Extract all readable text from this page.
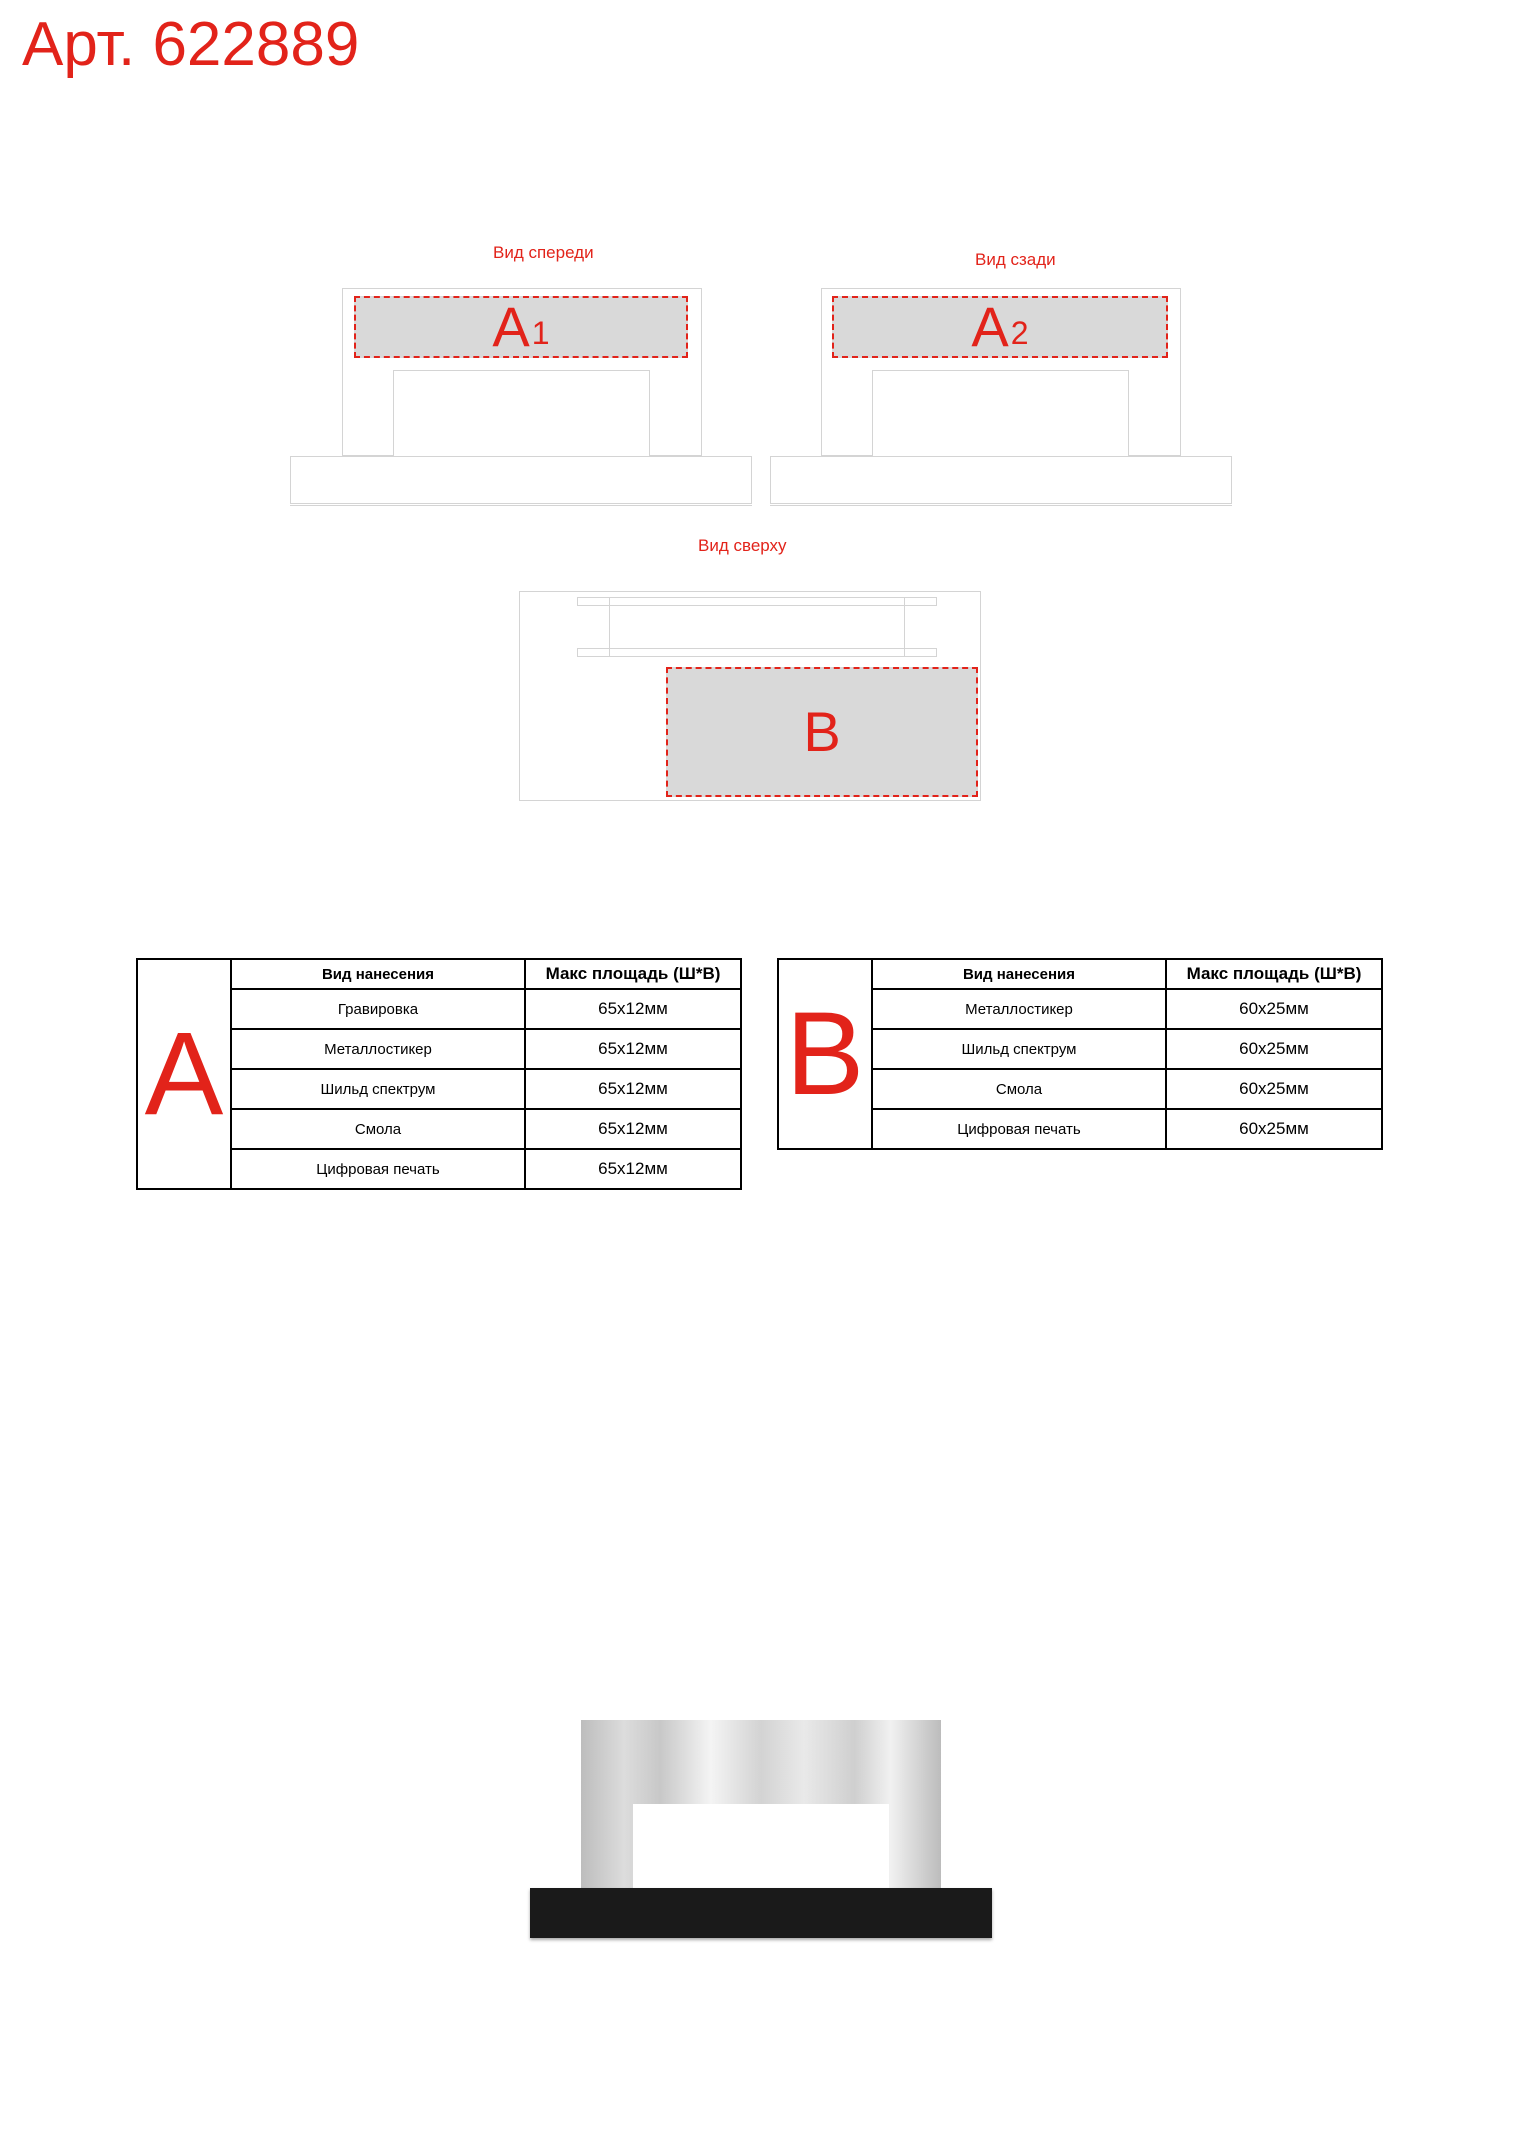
Арт. 622889
Вид спереди
$A_1$
Вид сзади
$A_2$
Вид сверху
B
A	Вид нанесения	Макс площадь (Ш*В)
	Гравировка	65x12мм
	Металлостикер	65x12мм
	Шильд спектрум	65x12мм
	Смола	65x12мм
	Цифровая печать	65x12мм
B	Вид нанесения	Макс площадь (Ш*В)
	Металлостикер	60x25мм
	Шильд спектрум	60x25мм
	Смола	60x25мм
	Цифровая печать	60x25мм
